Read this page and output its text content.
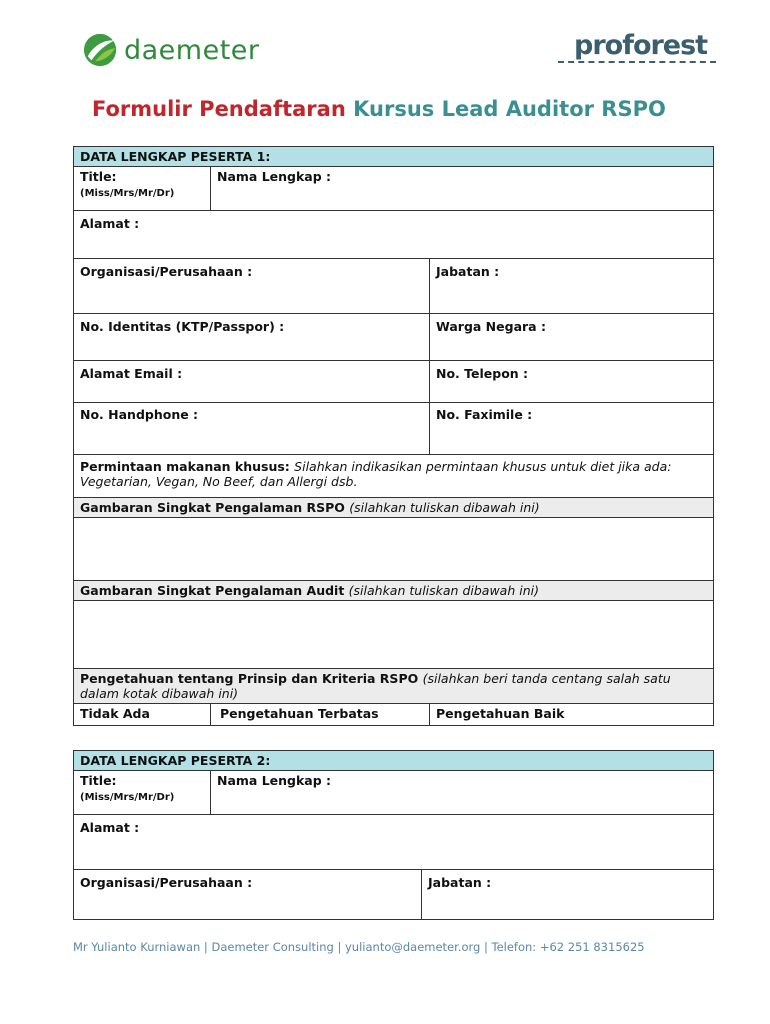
daemeter	proforest
Formulir Pendaftaran Kursus Lead Auditor RSPO
DATA LENGKAP PESERTA 1:		
Title:
(Miss/Mrs/Mr/Dr)	Nama Lengkap :	
Alamat :		
Organisasi/Perusahaan :		Jabatan :
No. Identitas (KTP/Passpor) :		Warga Negara :
Alamat Email :		No. Telepon :
No. Handphone :		No. Faximile :
Permintaan makanan khusus: Silahkan indikasikan permintaan khusus untuk diet jika ada: Vegetarian, Vegan, No Beef, dan Allergi dsb.		
Gambaran Singkat Pengalaman RSPO (silahkan tuliskan dibawah ini)		

Gambaran Singkat Pengalaman Audit (silahkan tuliskan dibawah ini)		

Pengetahuan tentang Prinsip dan Kriteria RSPO (silahkan beri tanda centang salah satu dalam kotak dibawah ini)		
Tidak Ada	Pengetahuan Terbatas	Pengetahuan Baik
DATA LENGKAP PESERTA 2:		
Title:
(Miss/Mrs/Mr/Dr)	Nama Lengkap :	
Alamat :		
Organisasi/Perusahaan :		Jabatan :
Mr Yulianto Kurniawan | Daemeter Consulting | yulianto@daemeter.org | Telefon: +62 251 8315625
